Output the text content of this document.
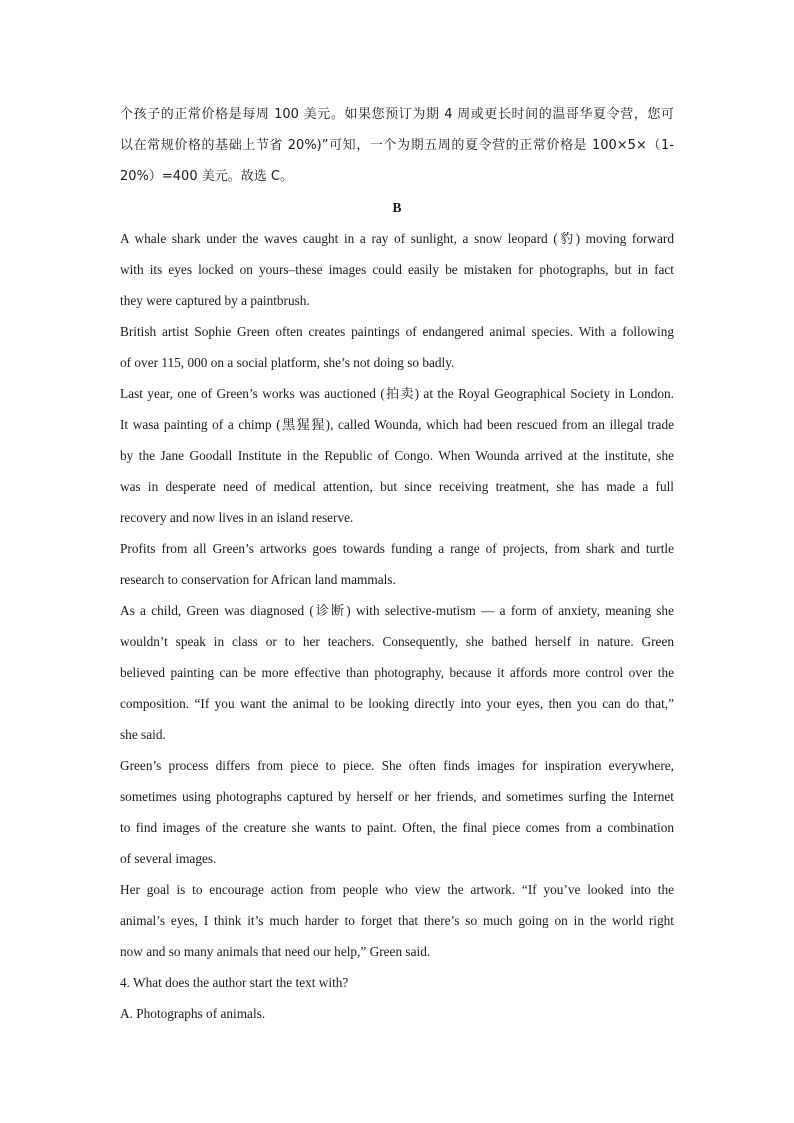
个孩子的正常价格是每周 100 美元。如果您预订为期 4 周或更长时间的温哥华夏令营，您可

以在常规价格的基础上节省 20%)”可知，一个为期五周的夏令营的正常价格是 100×5×（1-

20%）=400 美元。故选 C。

B

A whale shark under the waves caught in a ray of sunlight, a snow leopard (豹) moving forward

with its eyes locked on yours–these images could easily be mistaken for photographs, but in fact

they were captured by a paintbrush.

British artist Sophie Green often creates paintings of endangered animal species. With a following

of over 115, 000 on a social platform, she’s not doing so badly.

Last year, one of Green’s works was auctioned (拍卖) at the Royal Geographical Society in London.

It wasa painting of a chimp (黑猩猩), called Wounda, which had been rescued from an illegal trade

by the Jane Goodall Institute in the Republic of Congo. When Wounda arrived at the institute, she

was in desperate need of medical attention, but since receiving treatment, she has made a full

recovery and now lives in an island reserve.

Profits from all Green’s artworks goes towards funding a range of projects, from shark and turtle

research to conservation for African land mammals.

As a child, Green was diagnosed (诊断) with selective-mutism — a form of anxiety, meaning she

wouldn’t speak in class or to her teachers. Consequently, she bathed herself in nature. Green

believed painting can be more effective than photography, because it affords more control over the

composition. “If you want the animal to be looking directly into your eyes, then you can do that,”

she said.

Green’s process differs from piece to piece. She often finds images for inspiration everywhere,

sometimes using photographs captured by herself or her friends, and sometimes surfing the Internet

to find images of the creature she wants to paint. Often, the final piece comes from a combination

of several images.

Her goal is to encourage action from people who view the artwork. “If you’ve looked into the

animal’s eyes, I think it’s much harder to forget that there’s so much going on in the world right

now and so many animals that need our help,” Green said.

4. What does the author start the text with?

A. Photographs of animals.
